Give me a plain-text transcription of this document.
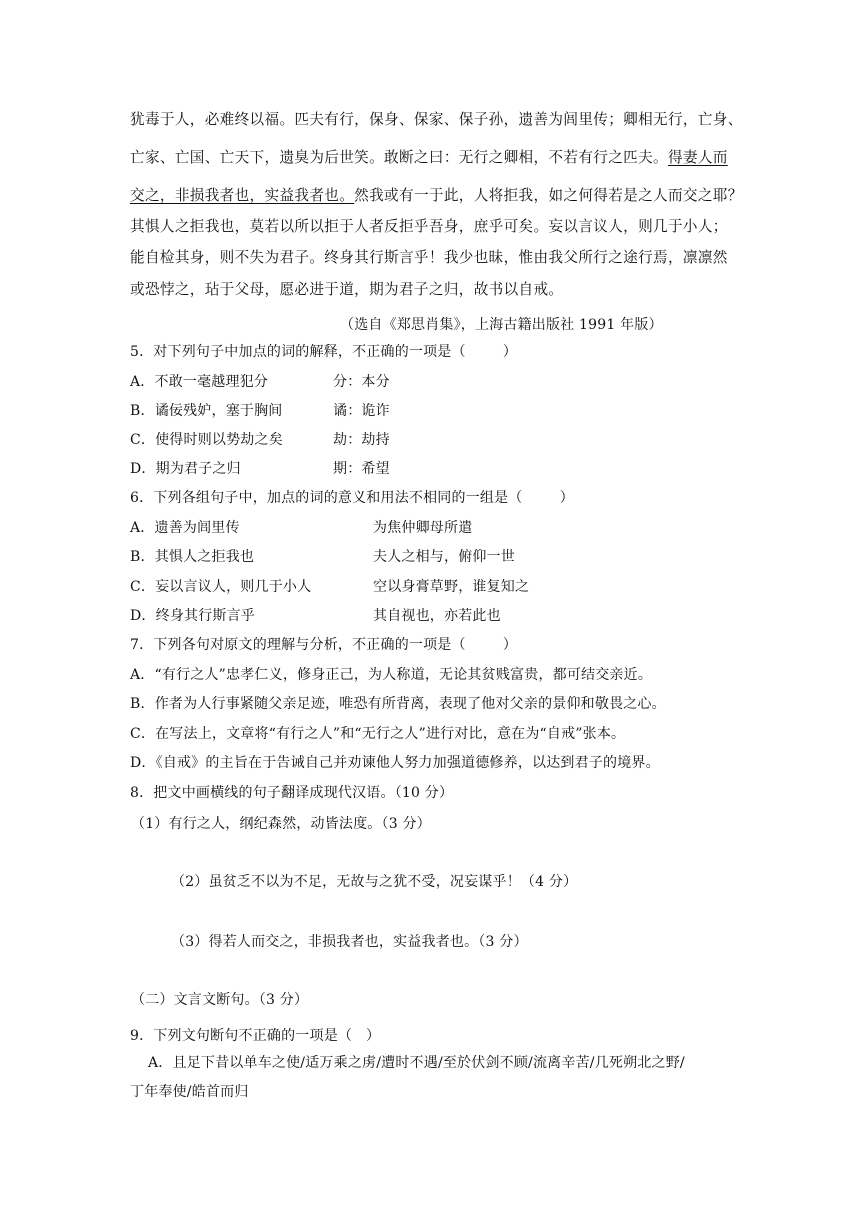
犹毒于人，必难终以福。匹夫有行，保身、保家、保子孙，遗善为闾里传；卿相无行，亡身、
亡家、亡国、亡天下，遗臭为后世笑。敢断之曰：无行之卿相，不若有行之匹夫。得妻人而
交之，非损我者也，实益我者也。然我或有一于此，人将拒我，如之何得若是之人而交之耶？
其惧人之拒我也，莫若以所以拒于人者反拒乎吾身，庶乎可矣。妄以言议人，则几于小人；
能自检其身，则不失为君子。终身其行斯言乎！我少也昧，惟由我父所行之途行焉，凛凛然
或恐悖之，玷于父母，愿必进于道，期为君子之归，故书以自戒。
（选自《郑思肖集》，上海古籍出版社 1991 年版）
5．对下列句子中加点的词的解释，不正确的一项是（        ）
A．不敢一毫越理犯分	分：本分
B．谲佞残妒，塞于胸间	谲：诡诈
C．使得时则以势劫之矣	劫：劫持
D．期为君子之归	期：希望
6．下列各组句子中，加点的词的意义和用法不相同的一组是（        ）
A．遗善为闾里传	为焦仲卿母所遣
B．其惧人之拒我也	夫人之相与，俯仰一世
C．妄以言议人，则几于小人	空以身膏草野，谁复知之
D．终身其行斯言乎	其自视也，亦若此也
7．下列各句对原文的理解与分析，不正确的一项是（        ）
A．“有行之人”忠孝仁义，修身正己，为人称道，无论其贫贱富贵，都可结交亲近。
B．作者为人行事紧随父亲足迹，唯恐有所背离，表现了他对父亲的景仰和敬畏之心。
C．在写法上，文章将“有行之人”和“无行之人”进行对比，意在为“自戒”张本。
D．《自戒》的主旨在于告诫自己并劝谏他人努力加强道德修养，以达到君子的境界。
8．把文中画横线的句子翻译成现代汉语。（10 分）
（1）有行之人，纲纪森然，动皆法度。（3 分）
（2）虽贫乏不以为不足，无故与之犹不受，况妄谋乎！（4 分）
（3）得若人而交之，非损我者也，实益我者也。（3 分）
（二）文言文断句。（3 分）
9．下列文句断句不正确的一项是（   ）
A．且足下昔以单车之使/适万乘之虏/遭时不遇/至於伏剑不顾/流离辛苦/几死朔北之野/
丁年奉使/皓首而归
